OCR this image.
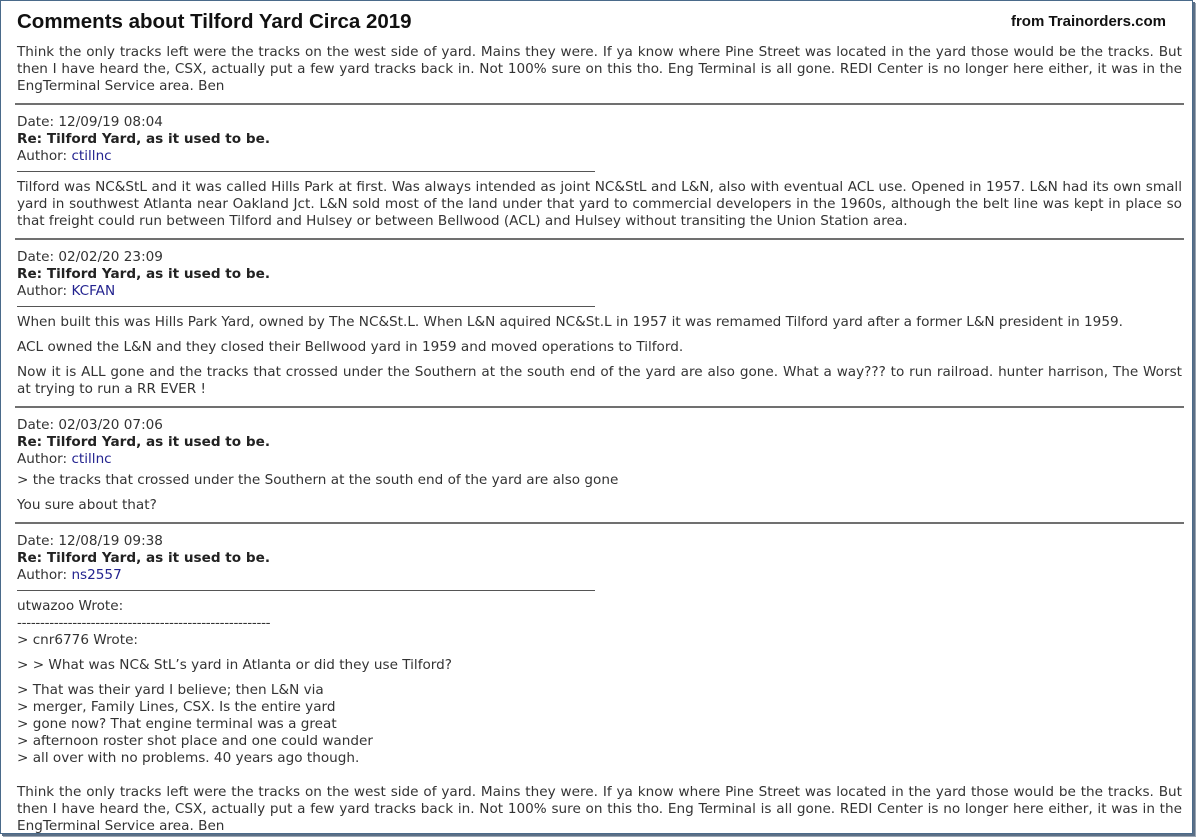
Comments about Tilford Yard Circa 2019	from Trainorders.com

Think the only tracks left were the tracks on the west side of yard. Mains they were. If ya know where Pine Street was located in the yard those would be the tracks. But then I have heard the, CSX, actually put a few yard tracks back in. Not 100% sure on this tho. Eng Terminal is all gone. REDI Center is no longer here either, it was in the EngTerminal Service area. Ben

Date: 12/09/19 08:04
Re: Tilford Yard, as it used to be.
Author: ctillnc

Tilford was NC&StL and it was called Hills Park at first. Was always intended as joint NC&StL and L&N, also with eventual ACL use. Opened in 1957. L&N had its own small yard in southwest Atlanta near Oakland Jct. L&N sold most of the land under that yard to commercial developers in the 1960s, although the belt line was kept in place so that freight could run between Tilford and Hulsey or between Bellwood (ACL) and Hulsey without transiting the Union Station area.

Date: 02/02/20 23:09
Re: Tilford Yard, as it used to be.
Author: KCFAN

When built this was Hills Park Yard, owned by The NC&St.L. When L&N aquired NC&St.L in 1957 it was remamed Tilford yard after a former L&N president in 1959.

ACL owned the L&N and they closed their Bellwood yard in 1959 and moved operations to Tilford.

Now it is ALL gone and the tracks that crossed under the Southern at the south end of the yard are also gone. What a way??? to run railroad. hunter harrison, The Worst at trying to run a RR EVER !

Date: 02/03/20 07:06
Re: Tilford Yard, as it used to be.
Author: ctillnc

> the tracks that crossed under the Southern at the south end of the yard are also gone

You sure about that?

Date: 12/08/19 09:38
Re: Tilford Yard, as it used to be.
Author: ns2557

utwazoo Wrote:

-------------------------------------------------------

> cnr6776 Wrote:

> > What was NC& StL’s yard in Atlanta or did they use Tilford?

> That was their yard I believe; then L&N via

> merger, Family Lines, CSX. Is the entire yard

> gone now? That engine terminal was a great

> afternoon roster shot place and one could wander

> all over with no problems. 40 years ago though.

Think the only tracks left were the tracks on the west side of yard. Mains they were. If ya know where Pine Street was located in the yard those would be the tracks. But then I have heard the, CSX, actually put a few yard tracks back in. Not 100% sure on this tho. Eng Terminal is all gone. REDI Center is no longer here either, it was in the EngTerminal Service area. Ben
